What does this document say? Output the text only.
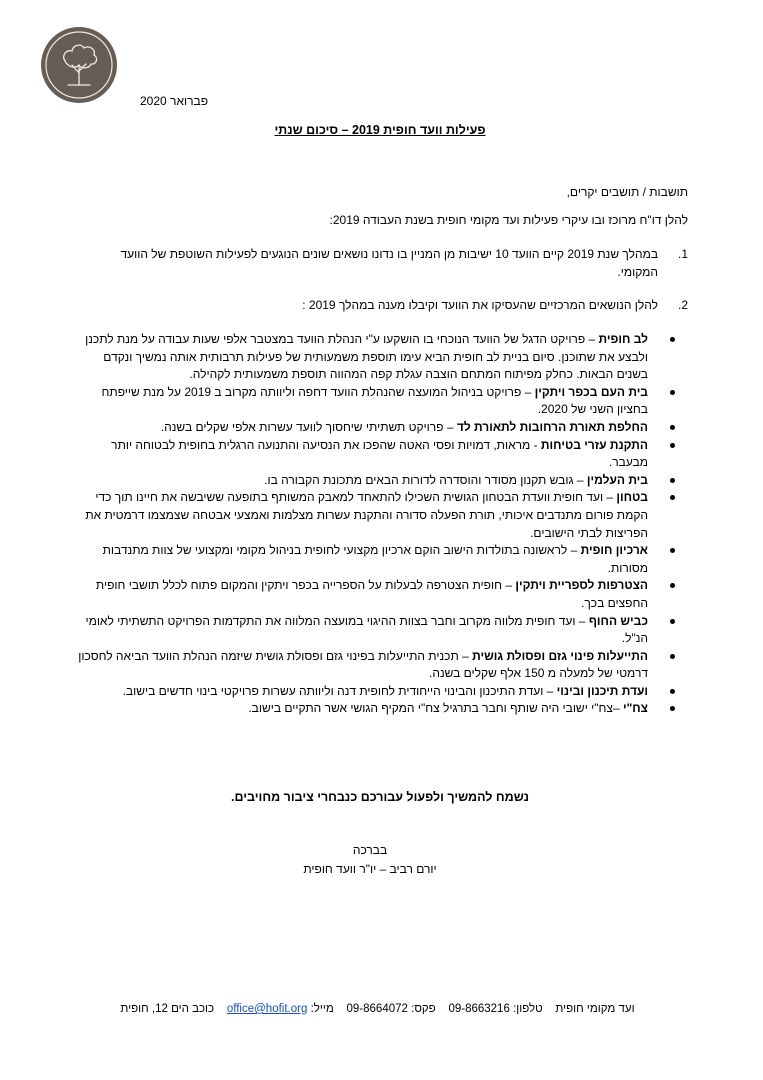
פברואר 2020
פעילות וועד חופית 2019 – סיכום שנתי
תושבות / תושבים יקרים,
להלן דו"ח מרוכז ובו עיקרי פעילות ועד מקומי חופית בשנת העבודה 2019:
1.
במהלך שנת 2019 קיים הוועד 10 ישיבות מן המניין בו נדונו נושאים שונים הנוגעים לפעילות השוטפת של הוועד המקומי.
2.
להלן הנושאים המרכזיים שהעסיקו את הוועד וקיבלו מענה במהלך 2019 :
לב חופית – פרויקט הדגל של הוועד הנוכחי בו הושקעו ע"י הנהלת הוועד במצטבר אלפי שעות עבודה על מנת לתכנן ולבצע את שתוכנן. סיום בניית לב חופית הביא עימו תוספת משמעותית של פעילות תרבותית אותה נמשיך ונקדם בשנים הבאות. כחלק מפיתוח המתחם הוצבה עגלת קפה המהווה תוספת משמעותית לקהילה.
בית העם בכפר ויתקין – פרויקט בניהול המועצה שהנהלת הוועד דחפה וליוותה מקרוב ב 2019 על מנת שייפתח בחציון השני של 2020.
החלפת תאורת הרחובות לתאורת לד – פרויקט תשתיתי שיחסוך לוועד עשרות אלפי שקלים בשנה.
התקנת עזרי בטיחות - מראות, דמויות ופסי האטה שהפכו את הנסיעה והתנועה הרגלית בחופית לבטוחה יותר מבעבר.
בית העלמין – גובש תקנון מסודר והוסדרה לדורות הבאים מתכונת הקבורה בו.
בטחון – ועד חופית וועדת הבטחון הגושית השכילו להתאחד למאבק המשותף בתופעה ששיבשה את חיינו תוך כדי הקמת פורום מתנדבים איכותי, תורת הפעלה סדורה והתקנת עשרות מצלמות ואמצעי אבטחה שצמצמו דרמטית את הפריצות לבתי הישובים.
ארכיון חופית – לראשונה בתולדות הישוב הוקם ארכיון מקצועי לחופית בניהול מקומי ומקצועי של צוות מתנדבות מסורות.
הצטרפות לספריית ויתקין – חופית הצטרפה לבעלות על הספרייה בכפר ויתקין והמקום פתוח לכלל תושבי חופית החפצים בכך.
כביש החוף – ועד חופית מלווה מקרוב וחבר בצוות ההיגוי במועצה המלווה את התקדמות הפרויקט התשתיתי לאומי הנ"ל.
התייעלות פינוי גזם ופסולת גושית – תכנית התייעלות בפינוי גזם ופסולת גושית שיזמה הנהלת הוועד הביאה לחסכון דרמטי של למעלה מ 150 אלף שקלים בשנה.
ועדת תיכנון ובינוי – ועדת התיכנון והבינוי הייחודית לחופית דנה וליוותה עשרות פרויקטי בינוי חדשים בישוב.
צח"י –צח"י ישובי היה שותף וחבר בתרגיל צח"י המקיף הגושי אשר התקיים בישוב.
נשמח להמשיך ולפעול עבורכם כנבחרי ציבור מחויבים.
בברכה
יורם רביב – יו"ר וועד חופית
ועד מקומי חופית    טלפון: 09-8663216    פקס: 09-8664072    מייל: office@hofit.org    כוכב הים 12, חופית
